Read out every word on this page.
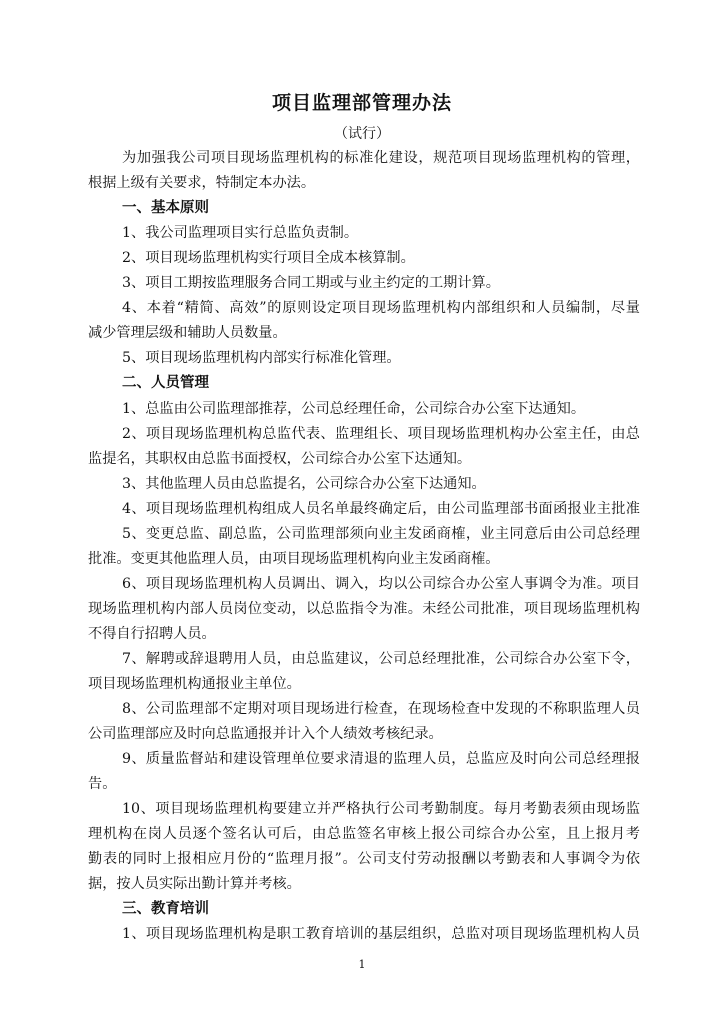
项目监理部管理办法
（试行）
为加强我公司项目现场监理机构的标准化建设，规范项目现场监理机构的管理，
根据上级有关要求，特制定本办法。
一、基本原则
1、我公司监理项目实行总监负责制。
2、项目现场监理机构实行项目全成本核算制。
3、项目工期按监理服务合同工期或与业主约定的工期计算。
4、本着“精简、高效”的原则设定项目现场监理机构内部组织和人员编制，尽量
减少管理层级和辅助人员数量。
5、项目现场监理机构内部实行标准化管理。
二、人员管理
1、总监由公司监理部推荐，公司总经理任命，公司综合办公室下达通知。
2、项目现场监理机构总监代表、监理组长、项目现场监理机构办公室主任，由总
监提名，其职权由总监书面授权，公司综合办公室下达通知。
3、其他监理人员由总监提名，公司综合办公室下达通知。
4、项目现场监理机构组成人员名单最终确定后，由公司监理部书面函报业主批准
5、变更总监、副总监，公司监理部须向业主发函商榷，业主同意后由公司总经理
批准。变更其他监理人员，由项目现场监理机构向业主发函商榷。
6、项目现场监理机构人员调出、调入，均以公司综合办公室人事调令为准。项目
现场监理机构内部人员岗位变动，以总监指令为准。未经公司批准，项目现场监理机构
不得自行招聘人员。
7、解聘或辞退聘用人员，由总监建议，公司总经理批准，公司综合办公室下令，
项目现场监理机构通报业主单位。
8、公司监理部不定期对项目现场进行检查，在现场检查中发现的不称职监理人员
公司监理部应及时向总监通报并计入个人绩效考核纪录。
9、质量监督站和建设管理单位要求清退的监理人员，总监应及时向公司总经理报
告。
10、项目现场监理机构要建立并严格执行公司考勤制度。每月考勤表须由现场监
理机构在岗人员逐个签名认可后，由总监签名审核上报公司综合办公室，且上报月考
勤表的同时上报相应月份的“监理月报”。公司支付劳动报酬以考勤表和人事调令为依
据，按人员实际出勤计算并考核。
三、教育培训
1、项目现场监理机构是职工教育培训的基层组织，总监对项目现场监理机构人员
1
